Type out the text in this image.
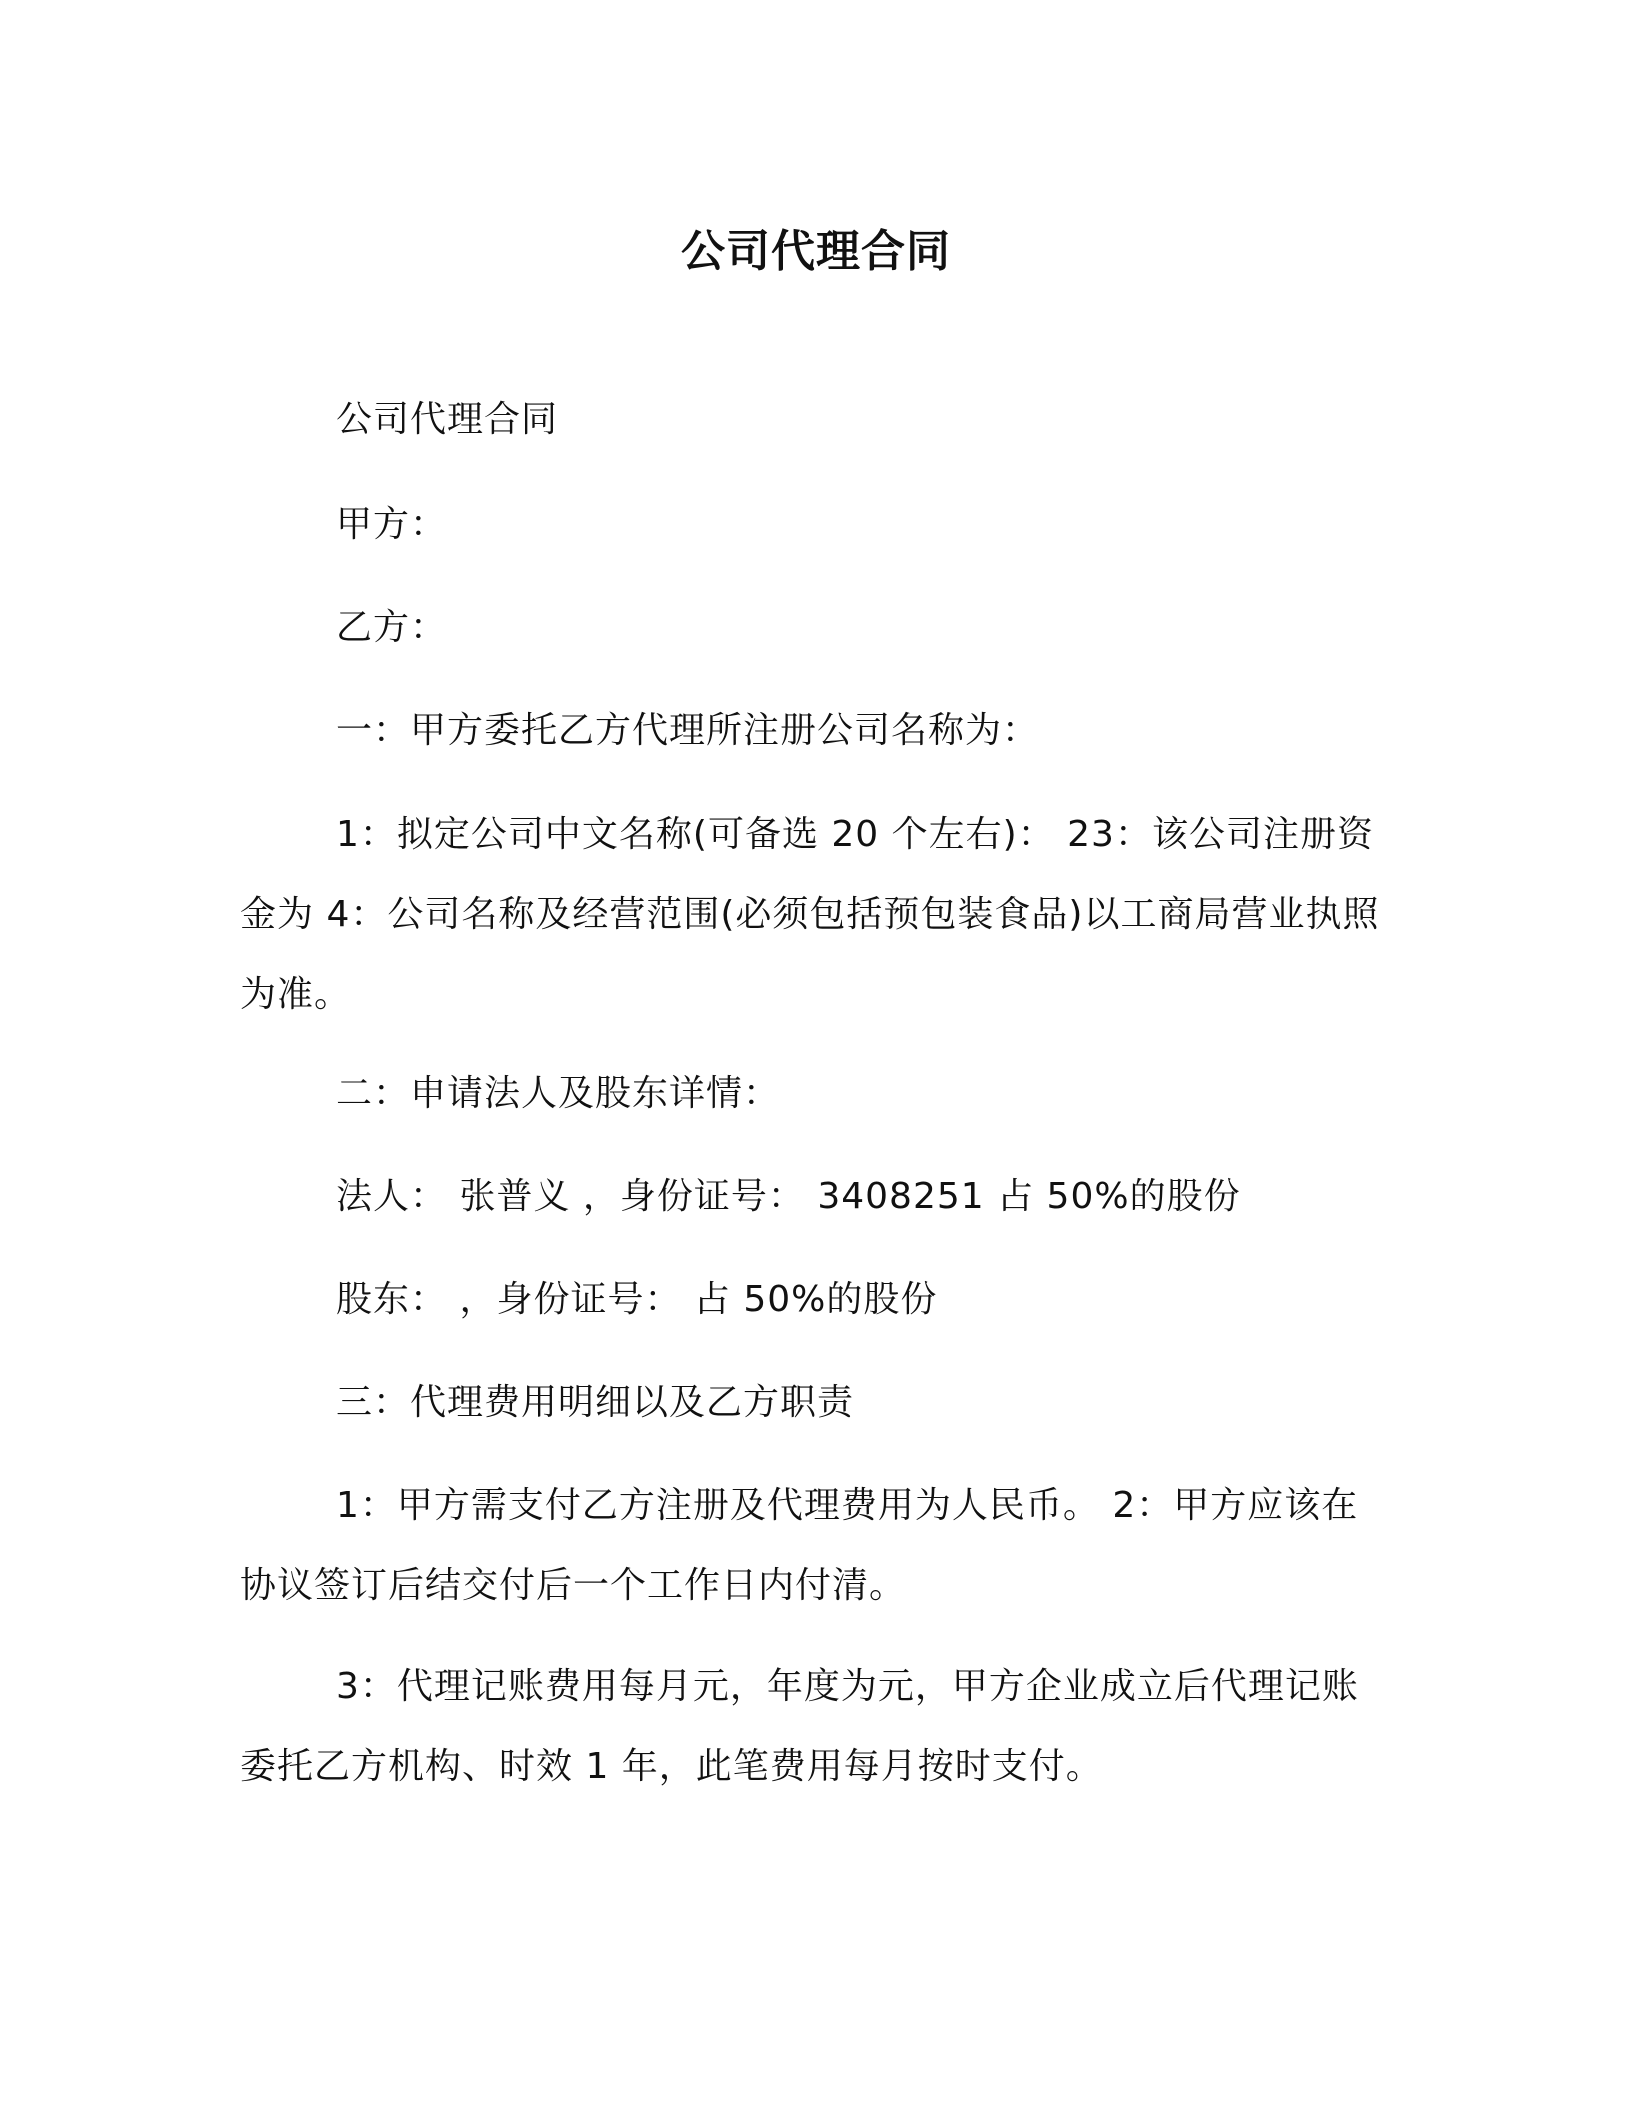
公司代理合同
公司代理合同
甲方：
乙方：
一：甲方委托乙方代理所注册公司名称为：
1：拟定公司中文名称(可备选 20 个左右)： 23：该公司注册资金为 4：公司名称及经营范围(必须包括预包装食品)以工商局营业执照为准。
二：申请法人及股东详情：
法人： 张普义 ，身份证号： 3408251 占 50%的股份
股东： ，身份证号： 占 50%的股份
三：代理费用明细以及乙方职责
1：甲方需支付乙方注册及代理费用为人民币。 2：甲方应该在协议签订后结交付后一个工作日内付清。
3：代理记账费用每月元，年度为元，甲方企业成立后代理记账委托乙方机构、时效 1 年，此笔费用每月按时支付。
